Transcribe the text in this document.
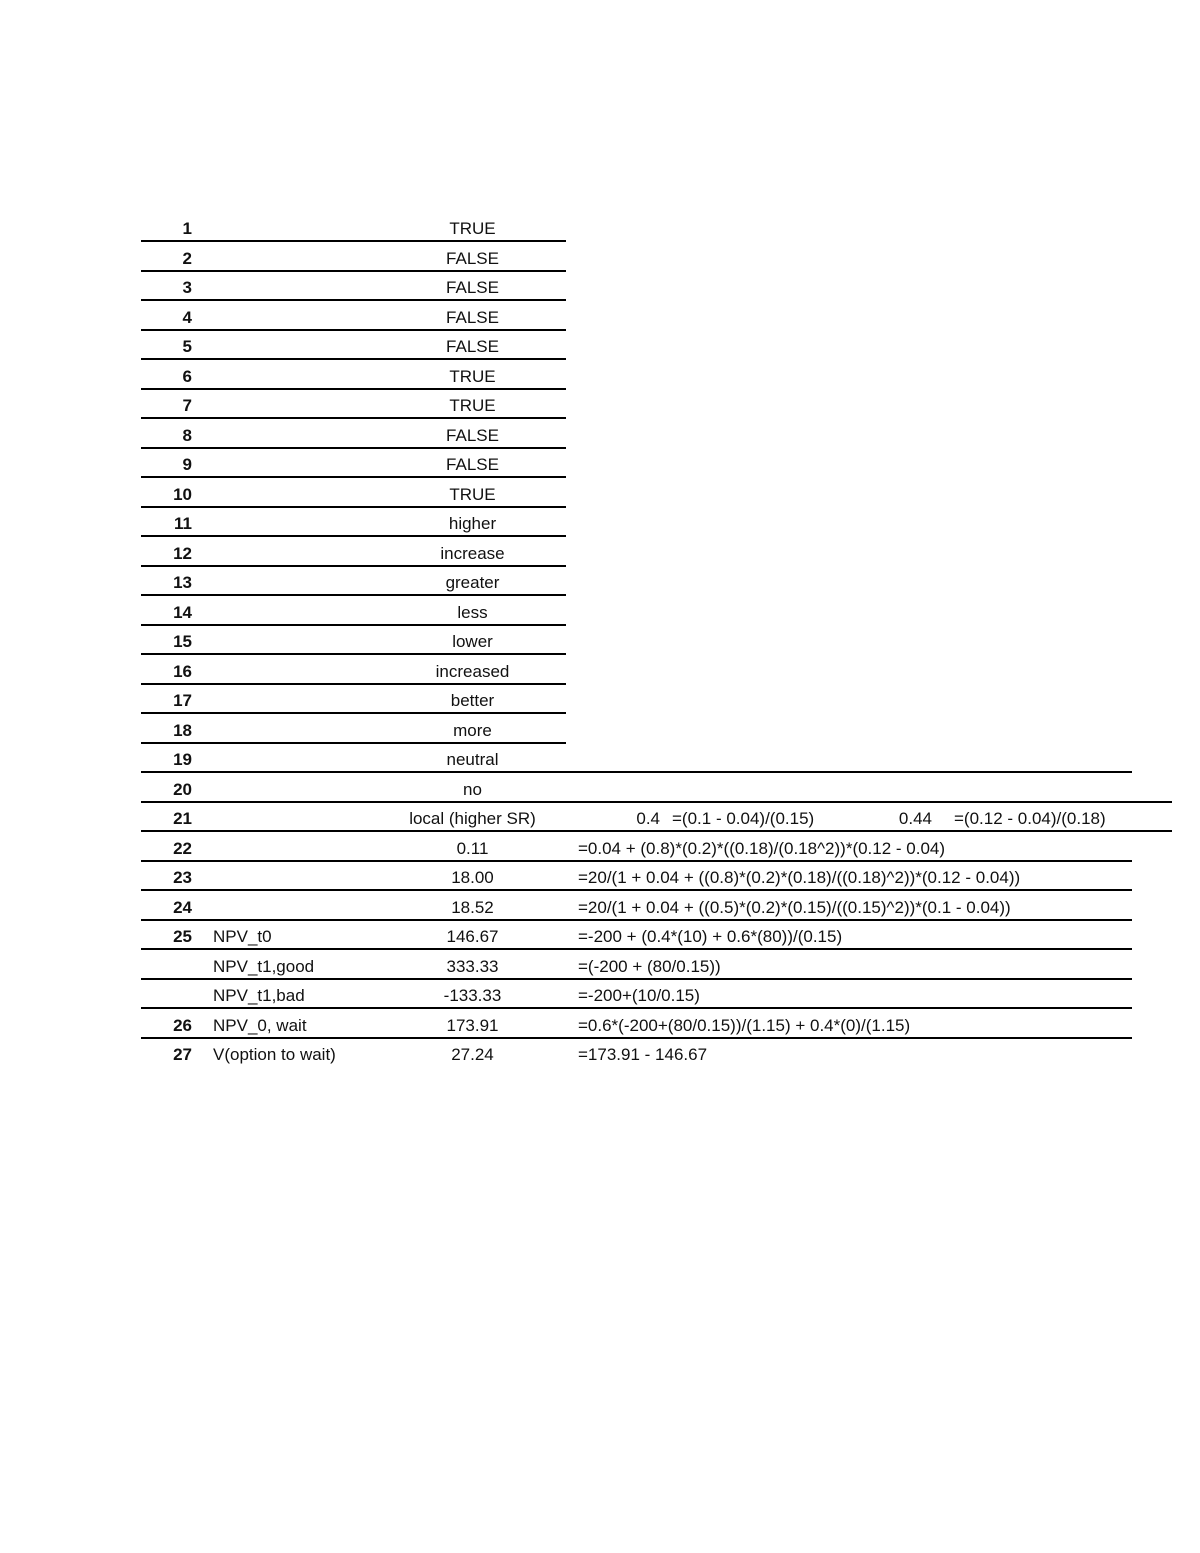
1	TRUE
2	FALSE
3	FALSE
4	FALSE
5	FALSE
6	TRUE
7	TRUE
8	FALSE
9	FALSE
10	TRUE
11	higher
12	increase
13	greater
14	less
15	lower
16	increased
17	better
18	more
19	neutral
20	no
21	local (higher SR)	0.4 =(0.1 - 0.04)/(0.15)	0.44 =(0.12 - 0.04)/(0.18)
22	0.11	=0.04 + (0.8)*(0.2)*((0.18)/(0.18^2))*(0.12 - 0.04)
23	18.00	=20/(1 + 0.04 + ((0.8)*(0.2)*(0.18)/((0.18)^2))*(0.12 - 0.04))
24	18.52	=20/(1 + 0.04 + ((0.5)*(0.2)*(0.15)/((0.15)^2))*(0.1 - 0.04))
25 NPV_t0	146.67	=-200 + (0.4*(10) + 0.6*(80))/(0.15)
NPV_t1,good	333.33	=(-200 + (80/0.15))
NPV_t1,bad	-133.33	=-200+(10/0.15)
26 NPV_0, wait	173.91	=0.6*(-200+(80/0.15))/(1.15) + 0.4*(0)/(1.15)
27 V(option to wait)	27.24	=173.91 - 146.67
